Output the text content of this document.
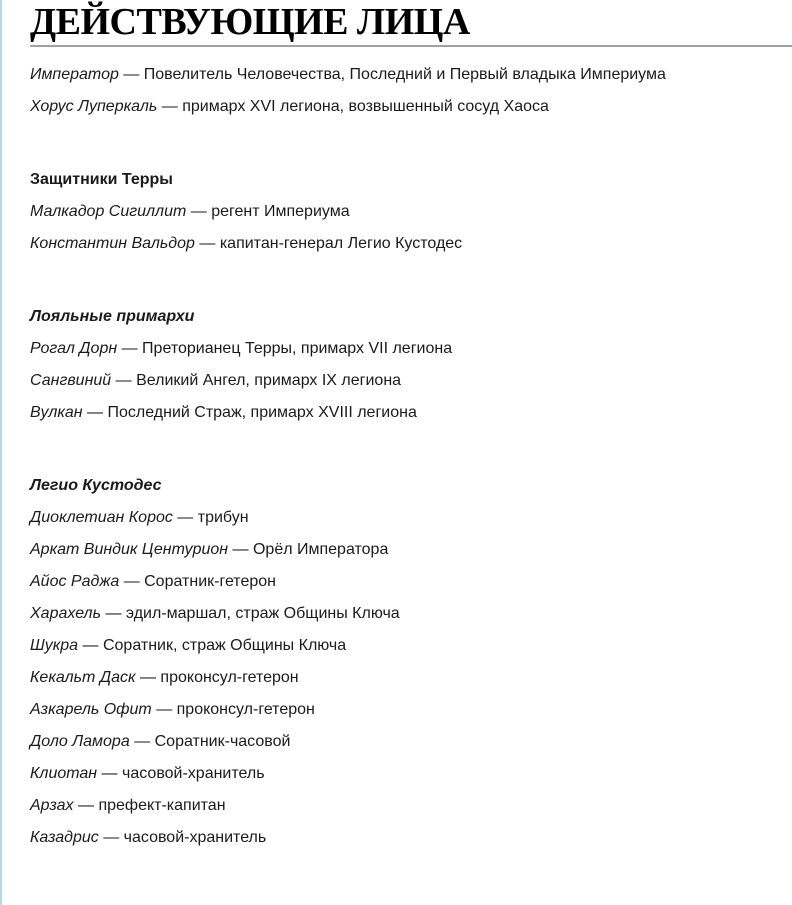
ДЕЙСТВУЮЩИЕ ЛИЦА

Император — Повелитель Человечества, Последний и Первый владыка Империума

Хорус Луперкаль — примарх XVI легиона, возвышенный сосуд Хаоса

Защитники Терры

Малкадор Сигиллит — регент Империума

Константин Вальдор — капитан-генерал Легио Кустодес

Лояльные примархи

Рогал Дорн — Преторианец Терры, примарх VII легиона

Сангвиний — Великий Ангел, примарх IX легиона

Вулкан — Последний Страж, примарх XVIII легиона

Легио Кустодес

Диоклетиан Корос — трибун

Аркат Виндик Центурион — Орёл Императора

Айос Раджа — Соратник-гетерон

Харахель — эдил-маршал, страж Общины Ключа

Шукра — Соратник, страж Общины Ключа

Кекальт Даск — проконсул-гетерон

Азкарель Офит — проконсул-гетерон

Доло Ламора — Соратник-часовой

Клиотан — часовой-хранитель

Арзах — префект-капитан

Казадрис — часовой-хранитель
